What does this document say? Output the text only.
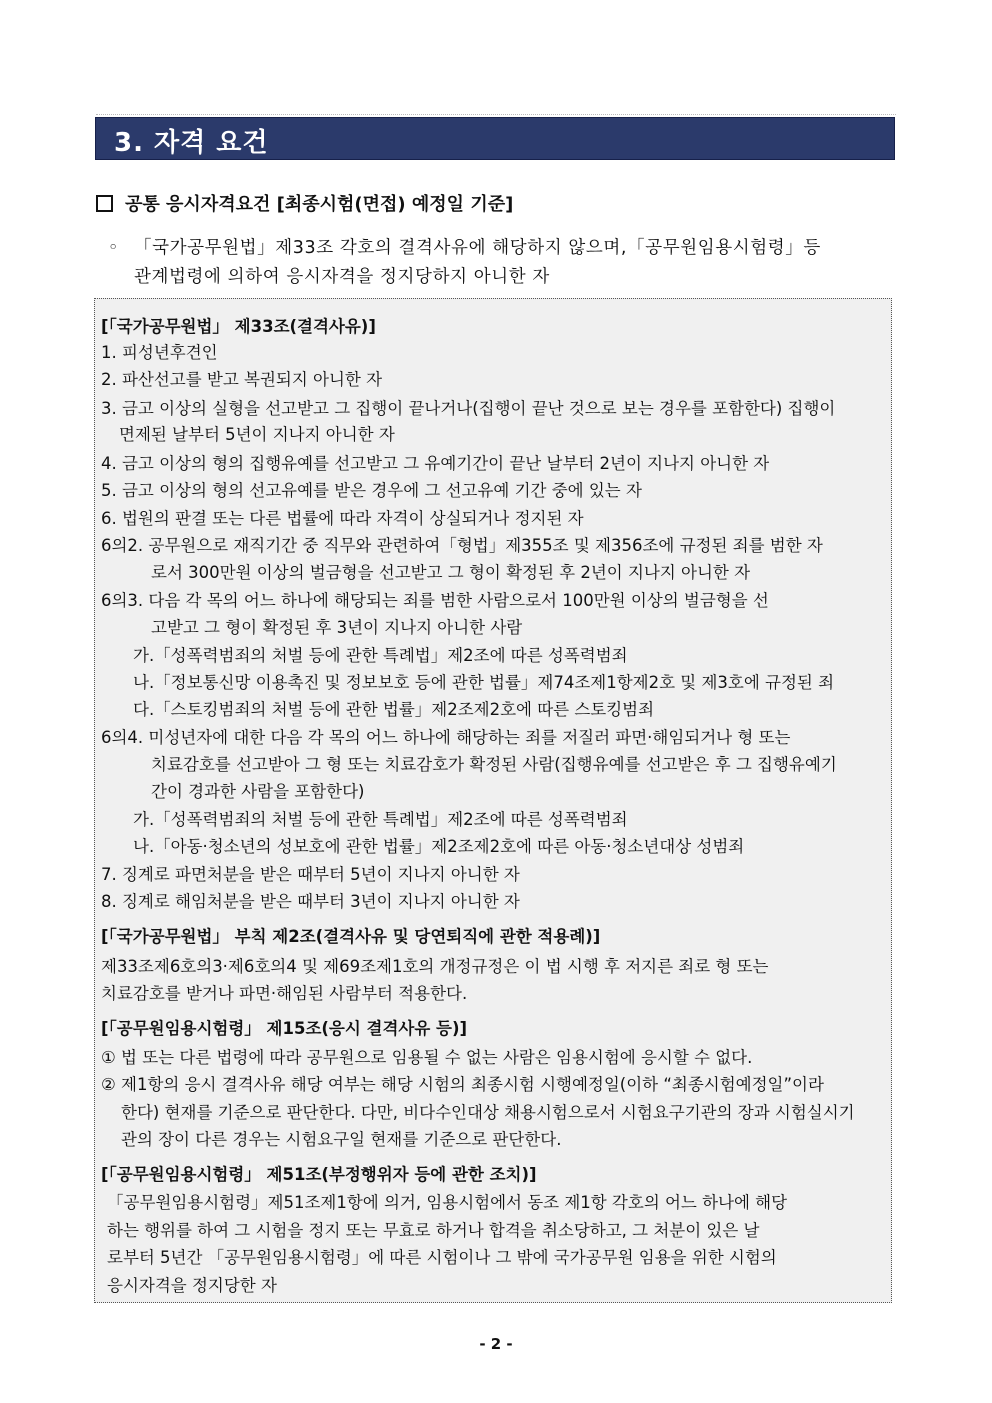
3. 자격 요건
공통 응시자격요건 [최종시험(면접) 예정일 기준]
◦ 「국가공무원법」제33조 각호의 결격사유에 해당하지 않으며,「공무원임용시험령」등
관계법령에 의하여 응시자격을 정지당하지 아니한 자
[「국가공무원법」 제33조(결격사유)]
1. 피성년후견인
2. 파산선고를 받고 복권되지 아니한 자
3. 금고 이상의 실형을 선고받고 그 집행이 끝나거나(집행이 끝난 것으로 보는 경우를 포함한다) 집행이
면제된 날부터 5년이 지나지 아니한 자
4. 금고 이상의 형의 집행유예를 선고받고 그 유예기간이 끝난 날부터 2년이 지나지 아니한 자
5. 금고 이상의 형의 선고유예를 받은 경우에 그 선고유예 기간 중에 있는 자
6. 법원의 판결 또는 다른 법률에 따라 자격이 상실되거나 정지된 자
6의2. 공무원으로 재직기간 중 직무와 관련하여「형법」제355조 및 제356조에 규정된 죄를 범한 자
로서 300만원 이상의 벌금형을 선고받고 그 형이 확정된 후 2년이 지나지 아니한 자
6의3. 다음 각 목의 어느 하나에 해당되는 죄를 범한 사람으로서 100만원 이상의 벌금형을 선
고받고 그 형이 확정된 후 3년이 지나지 아니한 사람
가.「성폭력범죄의 처벌 등에 관한 특례법」제2조에 따른 성폭력범죄
나.「정보통신망 이용촉진 및 정보보호 등에 관한 법률」제74조제1항제2호 및 제3호에 규정된 죄
다.「스토킹범죄의 처벌 등에 관한 법률」제2조제2호에 따른 스토킹범죄
6의4. 미성년자에 대한 다음 각 목의 어느 하나에 해당하는 죄를 저질러 파면·해임되거나 형 또는
치료감호를 선고받아 그 형 또는 치료감호가 확정된 사람(집행유예를 선고받은 후 그 집행유예기
간이 경과한 사람을 포함한다)
가.「성폭력범죄의 처벌 등에 관한 특례법」제2조에 따른 성폭력범죄
나.「아동·청소년의 성보호에 관한 법률」제2조제2호에 따른 아동·청소년대상 성범죄
7. 징계로 파면처분을 받은 때부터 5년이 지나지 아니한 자
8. 징계로 해임처분을 받은 때부터 3년이 지나지 아니한 자
[「국가공무원법」 부칙 제2조(결격사유 및 당연퇴직에 관한 적용례)]
제33조제6호의3·제6호의4 및 제69조제1호의 개정규정은 이 법 시행 후 저지른 죄로 형 또는
치료감호를 받거나 파면·해임된 사람부터 적용한다.
[「공무원임용시험령」 제15조(응시 결격사유 등)]
① 법 또는 다른 법령에 따라 공무원으로 임용될 수 없는 사람은 임용시험에 응시할 수 없다.
② 제1항의 응시 결격사유 해당 여부는 해당 시험의 최종시험 시행예정일(이하 “최종시험예정일”이라
한다) 현재를 기준으로 판단한다. 다만, 비다수인대상 채용시험으로서 시험요구기관의 장과 시험실시기
관의 장이 다른 경우는 시험요구일 현재를 기준으로 판단한다.
[「공무원임용시험령」 제51조(부정행위자 등에 관한 조치)]
「공무원임용시험령」제51조제1항에 의거, 임용시험에서 동조 제1항 각호의 어느 하나에 해당
하는 행위를 하여 그 시험을 정지 또는 무효로 하거나 합격을 취소당하고, 그 처분이 있은 날
로부터 5년간 「공무원임용시험령」에 따른 시험이나 그 밖에 국가공무원 임용을 위한 시험의
응시자격을 정지당한 자
- 2 -
